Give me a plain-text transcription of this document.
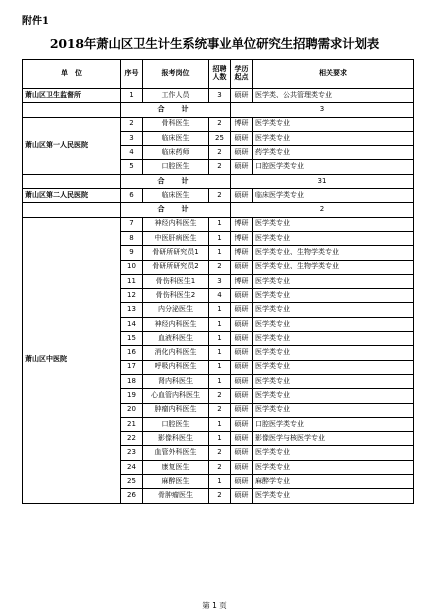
附件1
2018年萧山区卫生计生系统事业单位研究生招聘需求计划表
单　位	序号	报考岗位	招聘人数	学历起点	相关要求
萧山区卫生监督所	1	工作人员	3	硕研	医学类、公共管理类专业
	合　计			3	
萧山区第一人民医院	2	骨科医生	2	博研	医学类专业
	3	临床医生	25	硕研	医学类专业
	4	临床药师	2	硕研	药学类专业
	5	口腔医生	2	硕研	口腔医学类专业
	合　计			31	
萧山区第二人民医院	6	临床医生	2	硕研	临床医学类专业
	合　计			2	
萧山区中医院	7	神经内科医生	1	博研	医学类专业
	8	中医肝病医生	1	博研	医学类专业
	9	骨研所研究员1	1	博研	医学类专业、生物学类专业
	10	骨研所研究员2	2	硕研	医学类专业、生物学类专业
	11	骨伤科医生1	3	博研	医学类专业
	12	骨伤科医生2	4	硕研	医学类专业
	13	内分泌医生	1	硕研	医学类专业
	14	神经内科医生	1	硕研	医学类专业
	15	血液科医生	1	硕研	医学类专业
	16	消化内科医生	1	硕研	医学类专业
	17	呼吸内科医生	1	硕研	医学类专业
	18	肾内科医生	1	硕研	医学类专业
	19	心血管内科医生	2	硕研	医学类专业
	20	肿瘤内科医生	2	硕研	医学类专业
	21	口腔医生	1	硕研	口腔医学类专业
	22	影像科医生	1	硕研	影像医学与核医学专业
	23	血管外科医生	2	硕研	医学类专业
	24	康复医生	2	硕研	医学类专业
	25	麻醉医生	1	硕研	麻醉学专业
	26	骨肿瘤医生	2	硕研	医学类专业
第 1 页
